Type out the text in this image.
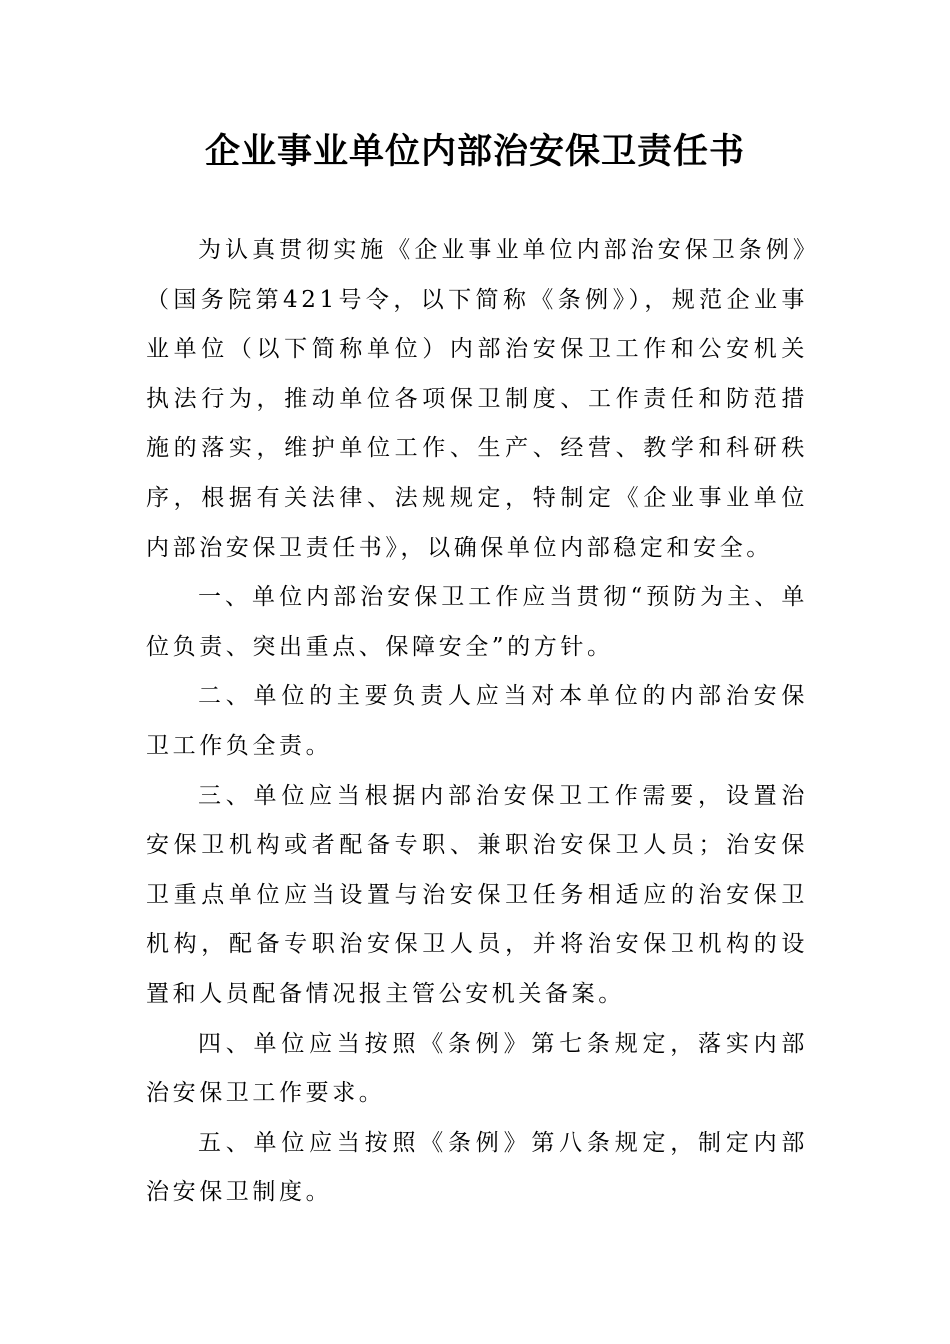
企业事业单位内部治安保卫责任书

为认真贯彻实施《企业事业单位内部治安保卫条例》（国务院第421号令，以下简称《条例》），规范企业事业单位（以下简称单位）内部治安保卫工作和公安机关执法行为，推动单位各项保卫制度、工作责任和防范措施的落实，维护单位工作、生产、经营、教学和科研秩序，根据有关法律、法规规定，特制定《企业事业单位内部治安保卫责任书》，以确保单位内部稳定和安全。

一、单位内部治安保卫工作应当贯彻“预防为主、单位负责、突出重点、保障安全”的方针。

二、单位的主要负责人应当对本单位的内部治安保卫工作负全责。

三、单位应当根据内部治安保卫工作需要，设置治安保卫机构或者配备专职、兼职治安保卫人员；治安保卫重点单位应当设置与治安保卫任务相适应的治安保卫机构，配备专职治安保卫人员，并将治安保卫机构的设置和人员配备情况报主管公安机关备案。

四、单位应当按照《条例》第七条规定，落实内部治安保卫工作要求。

五、单位应当按照《条例》第八条规定，制定内部治安保卫制度。
